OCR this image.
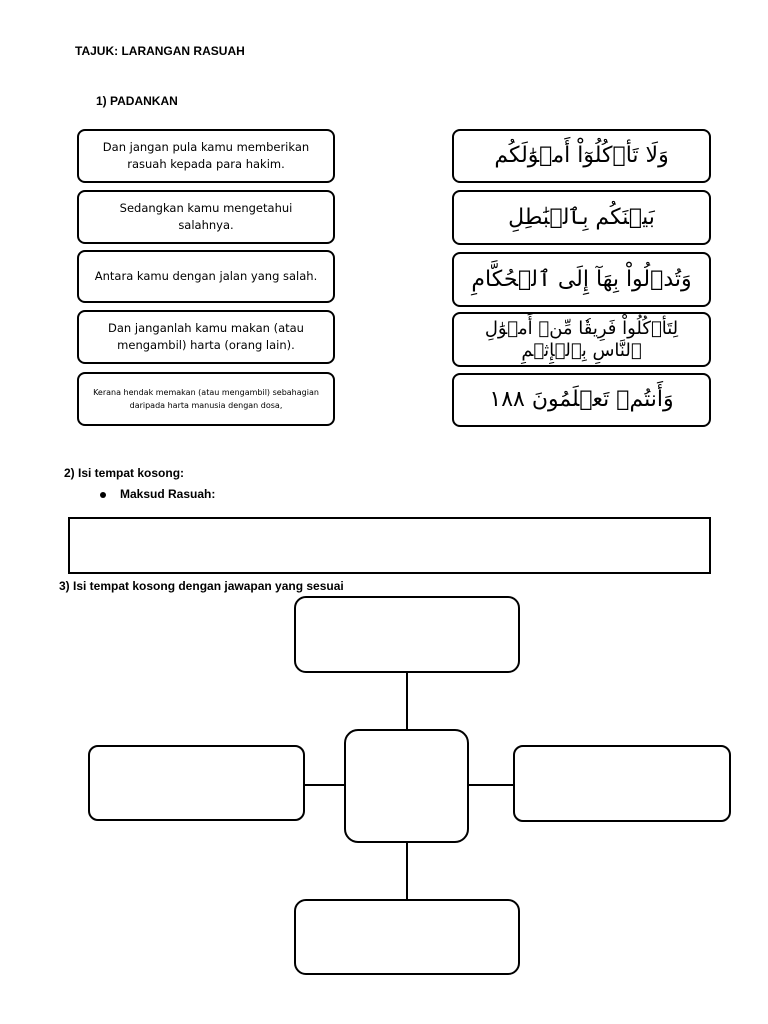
TAJUK: LARANGAN RASUAH
1) PADANKAN
Dan jangan pula kamu memberikan rasuah kepada para hakim.
Sedangkan kamu mengetahui salahnya.
Antara kamu dengan jalan yang salah.
Dan janganlah kamu makan (atau mengambil) harta (orang lain).
Kerana hendak memakan (atau mengambil) sebahagian daripada harta manusia dengan dosa,
وَلَا تَأۡكُلُوٓاْ أَمۡوَٰلَكُم
بَيۡنَكُم بِٱلۡبَٰطِلِ
وَتُدۡلُواْ بِهَآ إِلَى ٱلۡحُكَّامِ
لِتَأۡكُلُواْ فَرِيقٗا مِّنۡ أَمۡوَٰلِ ٱلنَّاسِ بِٱلۡإِثۡمِ
وَأَنتُمۡ تَعۡلَمُونَ ١٨٨
2) Isi tempat kosong:
Maksud Rasuah:
3) Isi tempat kosong dengan jawapan yang sesuai
